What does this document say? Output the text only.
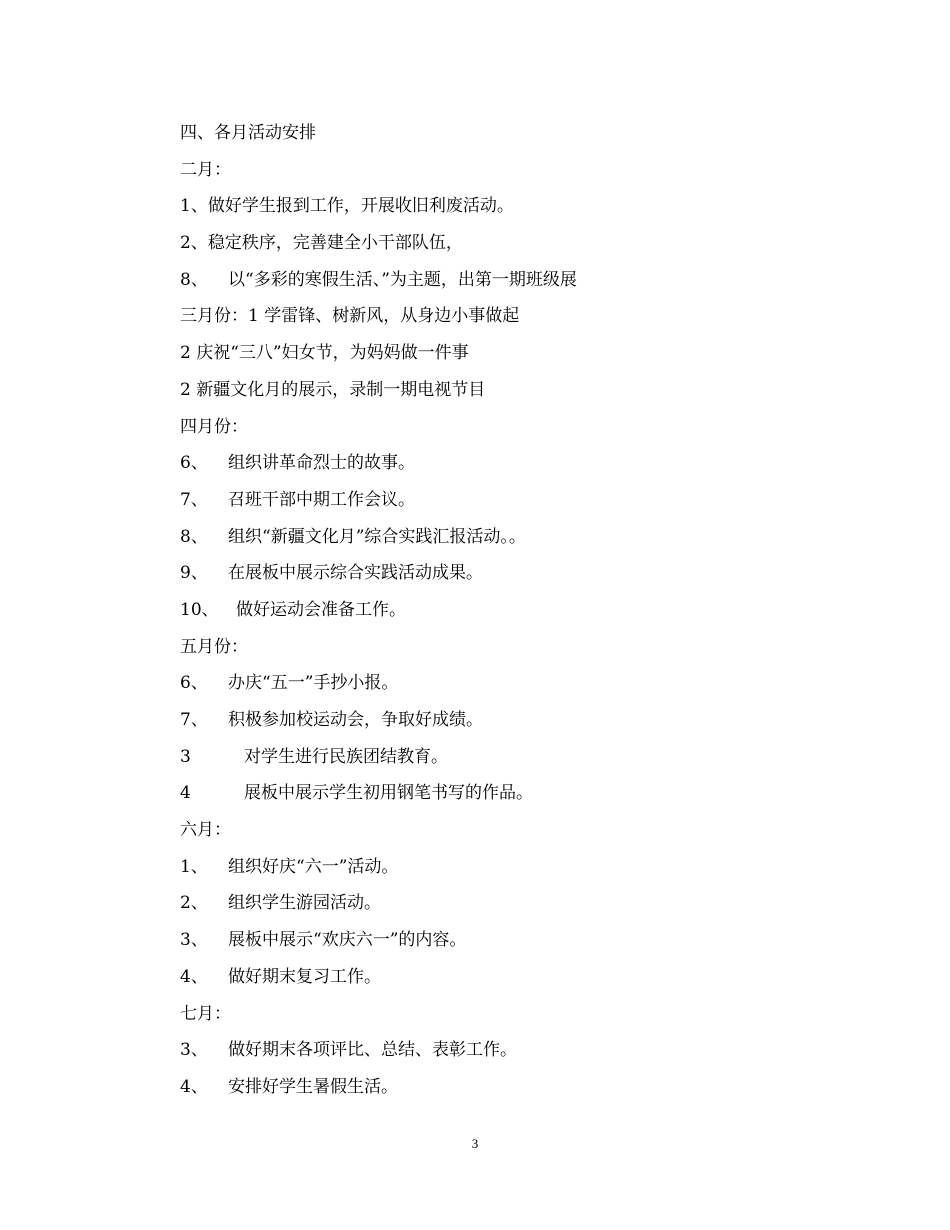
四、各月活动安排
二月：
1、做好学生报到工作，开展收旧利废活动。
2、稳定秩序，完善建全小干部队伍，
8、 以“多彩的寒假生活、”为主题，出第一期班级展
三月份：1 学雷锋、树新风，从身边小事做起
2 庆祝“三八”妇女节，为妈妈做一件事
2 新疆文化月的展示，录制一期电视节目
四月份：
6、 组织讲革命烈士的故事。
7、 召班干部中期工作会议。
8、 组织“新疆文化月”综合实践汇报活动。。
9、 在展板中展示综合实践活动成果。
10、 做好运动会准备工作。
五月份：
6、 办庆“五一”手抄小报。
7、 积极参加校运动会，争取好成绩。
3	对学生进行民族团结教育。
4	展板中展示学生初用钢笔书写的作品。
六月：
1、 组织好庆“六一”活动。
2、 组织学生游园活动。
3、 展板中展示“欢庆六一”的内容。
4、 做好期末复习工作。
七月：
3、 做好期末各项评比、总结、表彰工作。
4、 安排好学生暑假生活。
3
